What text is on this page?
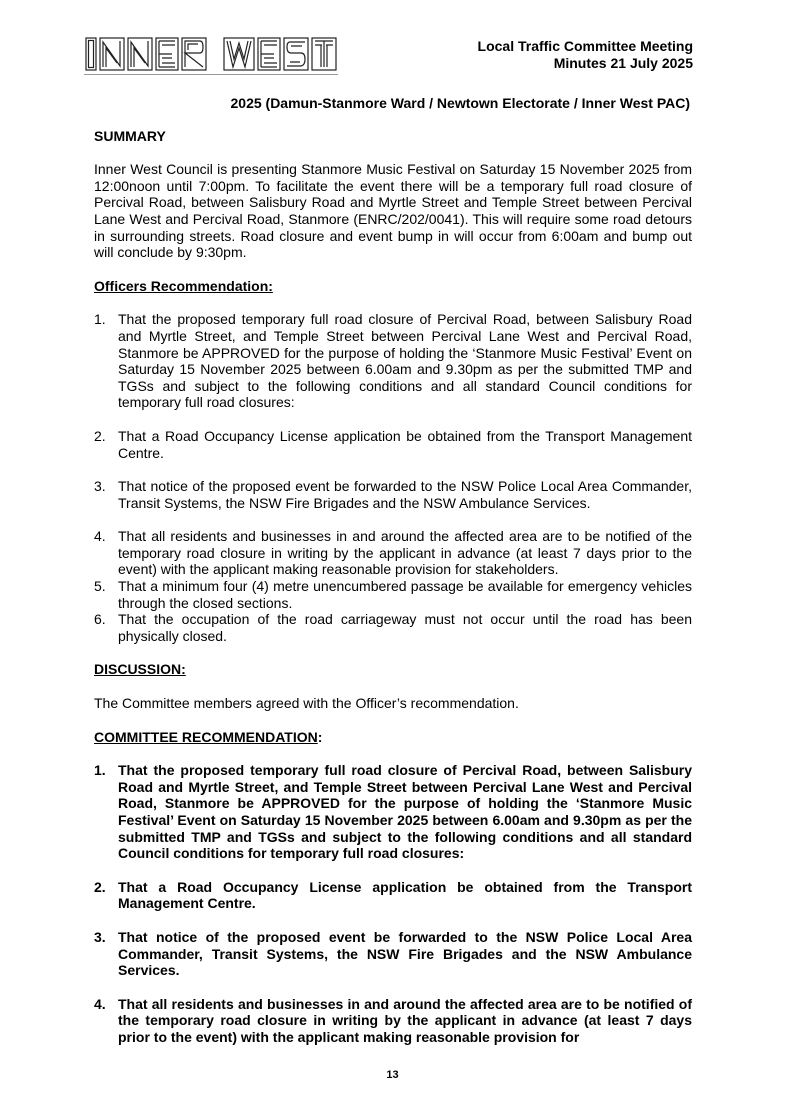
Local Traffic Committee Meeting
Minutes 21 July 2025
2025 (Damun-Stanmore Ward / Newtown Electorate / Inner West PAC)
SUMMARY

Inner West Council is presenting Stanmore Music Festival on Saturday 15 November 2025 from 12:00noon until 7:00pm. To facilitate the event there will be a temporary full road closure of Percival Road, between Salisbury Road and Myrtle Street and Temple Street between Percival Lane West and Percival Road, Stanmore (ENRC/202/0041). This will require some road detours in surrounding streets. Road closure and event bump in will occur from 6:00am and bump out will conclude by 9:30pm.

Officers Recommendation:
1. That the proposed temporary full road closure of Percival Road, between Salisbury Road and Myrtle Street, and Temple Street between Percival Lane West and Percival Road, Stanmore be APPROVED for the purpose of holding the ‘Stanmore Music Festival’ Event on Saturday 15 November 2025 between 6.00am and 9.30pm as per the submitted TMP and TGSs and subject to the following conditions and all standard Council conditions for temporary full road closures:
2. That a Road Occupancy License application be obtained from the Transport Management Centre.
3. That notice of the proposed event be forwarded to the NSW Police Local Area Commander, Transit Systems, the NSW Fire Brigades and the NSW Ambulance Services.
4. That all residents and businesses in and around the affected area are to be notified of the temporary road closure in writing by the applicant in advance (at least 7 days prior to the event) with the applicant making reasonable provision for stakeholders.
5. That a minimum four (4) metre unencumbered passage be available for emergency vehicles through the closed sections.
6. That the occupation of the road carriageway must not occur until the road has been physically closed.
DISCUSSION:

The Committee members agreed with the Officer’s recommendation.

COMMITTEE RECOMMENDATION:
1. That the proposed temporary full road closure of Percival Road, between Salisbury Road and Myrtle Street, and Temple Street between Percival Lane West and Percival Road, Stanmore be APPROVED for the purpose of holding the ‘Stanmore Music Festival’ Event on Saturday 15 November 2025 between 6.00am and 9.30pm as per the submitted TMP and TGSs and subject to the following conditions and all standard Council conditions for temporary full road closures:
2. That a Road Occupancy License application be obtained from the Transport Management Centre.
3. That notice of the proposed event be forwarded to the NSW Police Local Area Commander, Transit Systems, the NSW Fire Brigades and the NSW Ambulance Services.
4. That all residents and businesses in and around the affected area are to be notified of the temporary road closure in writing by the applicant in advance (at least 7 days prior to the event) with the applicant making reasonable provision for
13
